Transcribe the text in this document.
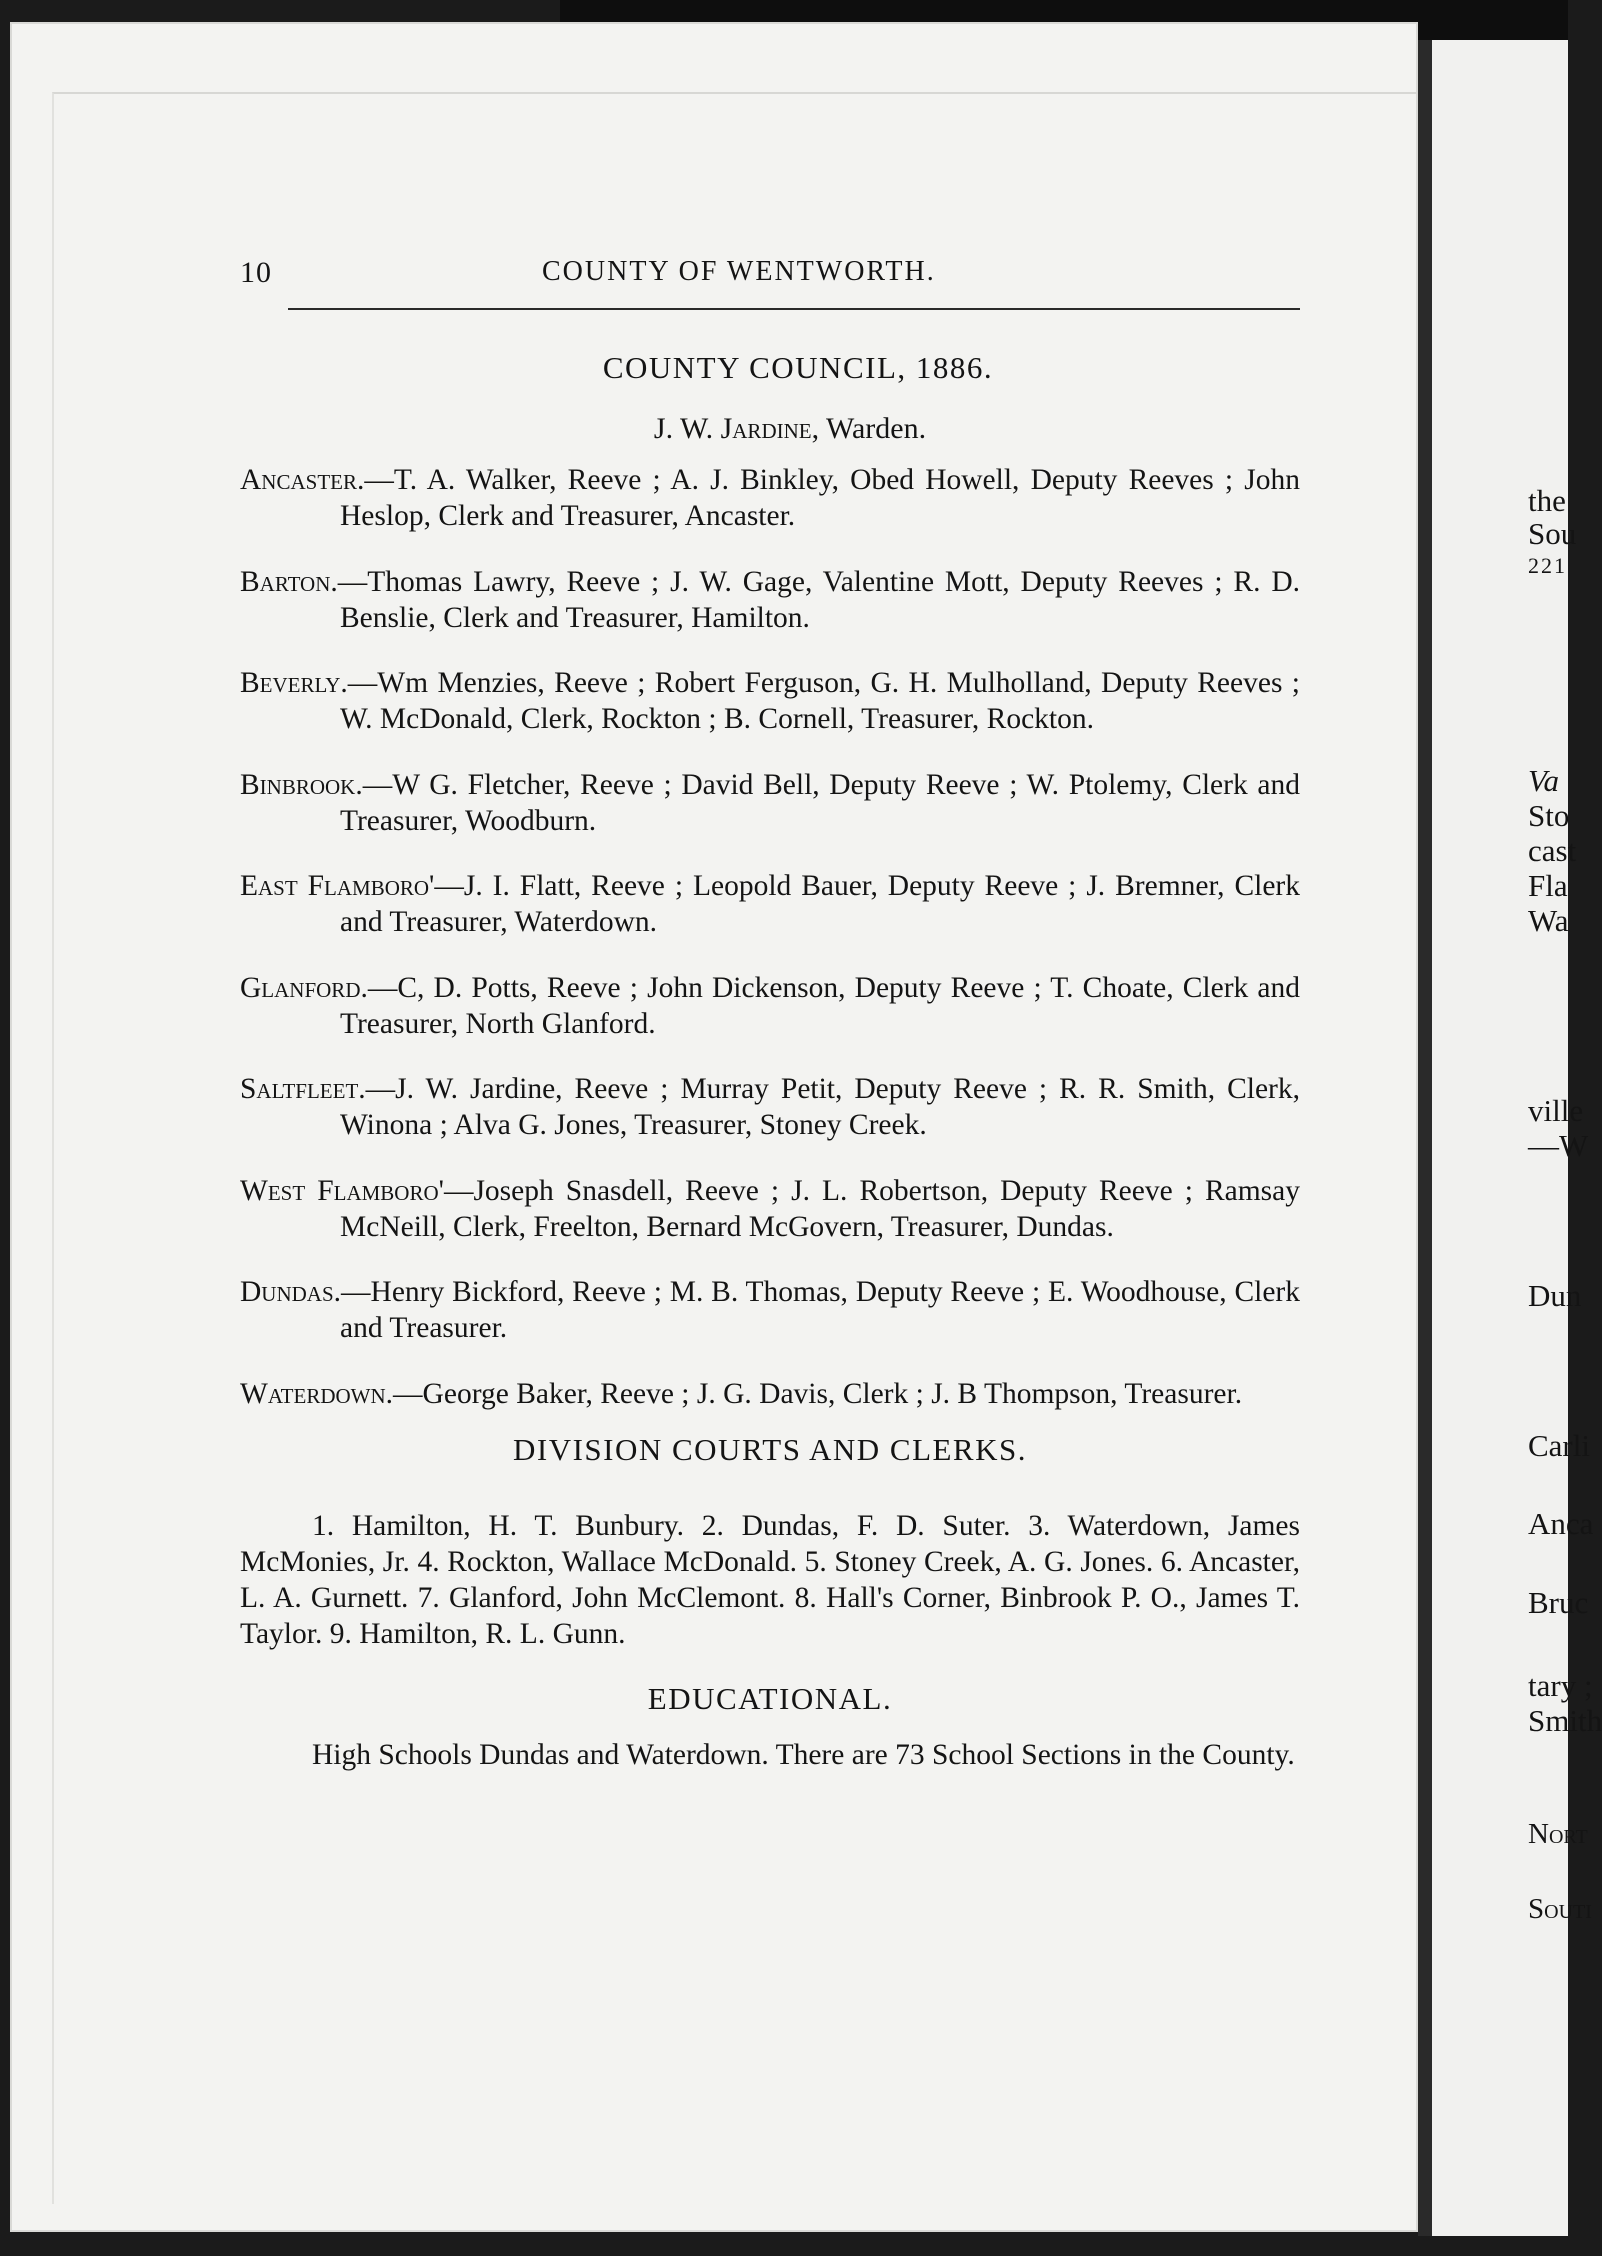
the
Sou
221
Va
Sto
cast
Fla
Wa
ville
—W
Dun
Carli
Anca
Bruc
tary ;
Smith
Nort
Souti
10	COUNTY OF WENTWORTH.
COUNTY COUNCIL, 1886.
J. W. Jardine, Warden.

Ancaster.—T. A. Walker, Reeve ; A. J. Binkley, Obed Howell, Deputy Reeves ; John Heslop, Clerk and Treasurer, Ancaster.

Barton.—Thomas Lawry, Reeve ; J. W. Gage, Valentine Mott, Deputy Reeves ; R. D. Benslie, Clerk and Treasurer, Hamilton.

Beverly.—Wm Menzies, Reeve ; Robert Ferguson, G. H. Mulholland, Deputy Reeves ; W. McDonald, Clerk, Rockton ; B. Cornell, Treasurer, Rockton.

Binbrook.—W G. Fletcher, Reeve ; David Bell, Deputy Reeve ; W. Ptolemy, Clerk and Treasurer, Woodburn.

East Flamboro'—J. I. Flatt, Reeve ; Leopold Bauer, Deputy Reeve ; J. Bremner, Clerk and Treasurer, Waterdown.

Glanford.—C, D. Potts, Reeve ; John Dickenson, Deputy Reeve ; T. Choate, Clerk and Treasurer, North Glanford.

Saltfleet.—J. W. Jardine, Reeve ; Murray Petit, Deputy Reeve ; R. R. Smith, Clerk, Winona ; Alva G. Jones, Treasurer, Stoney Creek.

West Flamboro'—Joseph Snasdell, Reeve ; J. L. Robertson, Deputy Reeve ; Ramsay McNeill, Clerk, Freelton, Bernard McGovern, Treasurer, Dundas.

Dundas.—Henry Bickford, Reeve ; M. B. Thomas, Deputy Reeve ; E. Woodhouse, Clerk and Treasurer.

Waterdown.—George Baker, Reeve ; J. G. Davis, Clerk ; J. B Thompson, Treasurer.

DIVISION COURTS AND CLERKS.

1. Hamilton, H. T. Bunbury. 2. Dundas, F. D. Suter. 3. Waterdown, James McMonies, Jr. 4. Rockton, Wallace McDonald. 5. Stoney Creek, A. G. Jones. 6. Ancaster, L. A. Gurnett. 7. Glanford, John McClemont. 8. Hall's Corner, Binbrook P. O., James T. Taylor. 9. Hamilton, R. L. Gunn.

EDUCATIONAL.

High Schools Dundas and Waterdown. There are 73 School Sections in the County.
